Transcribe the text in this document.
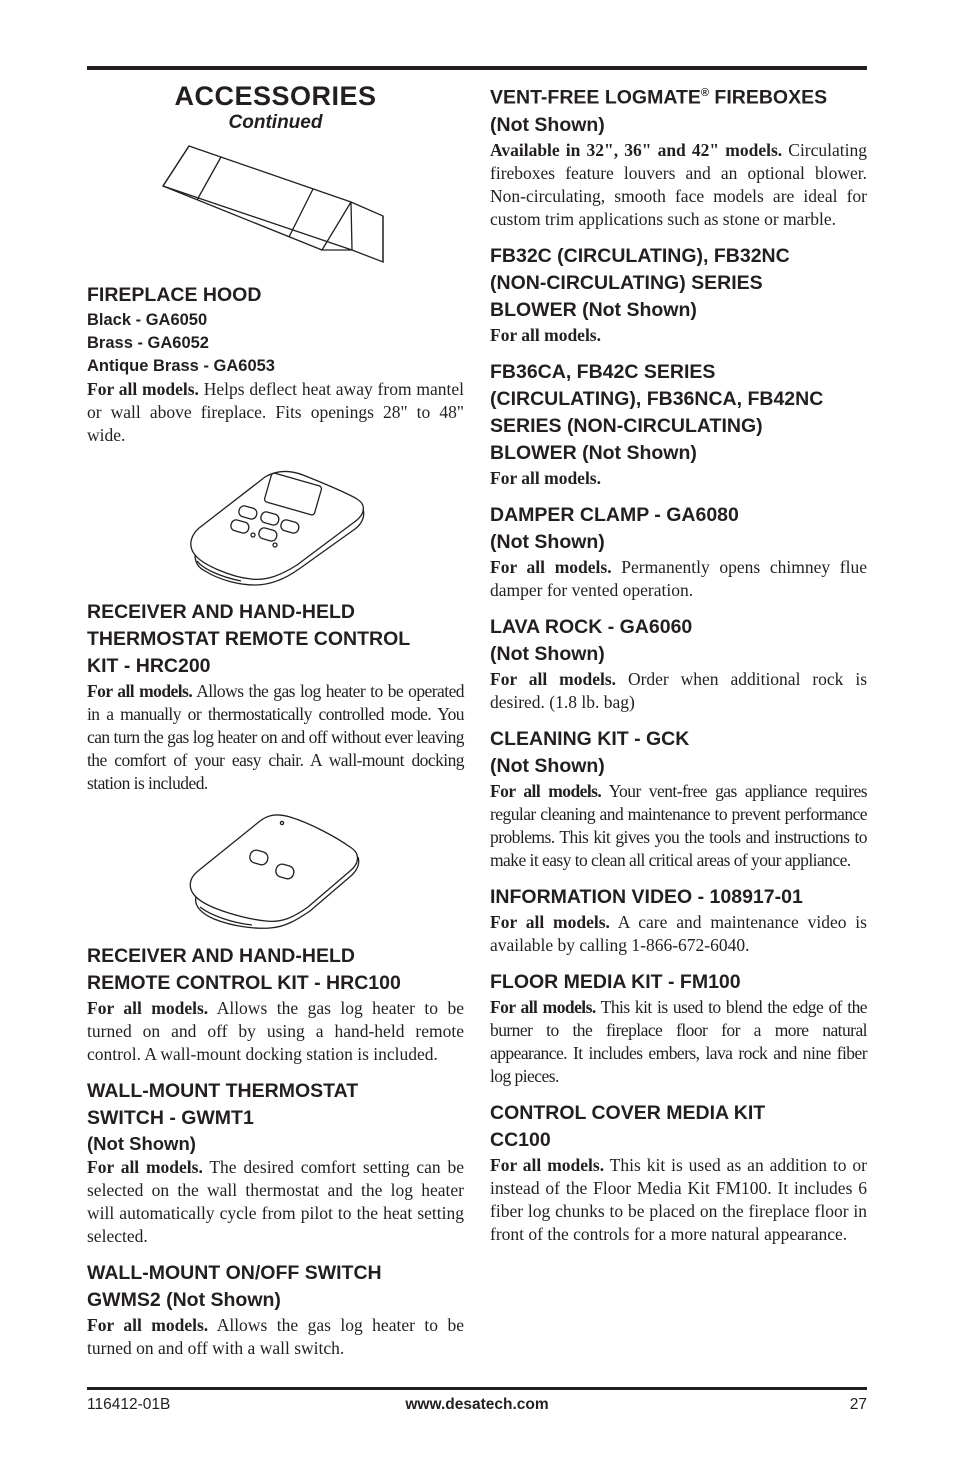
ACCESSORIES

Continued

FIREPLACE HOOD

Black - GA6050

Brass - GA6052

Antique Brass - GA6053

For all models. Helps deflect heat away from mantel or wall above fireplace. Fits openings 28" to 48" wide.

RECEIVER AND HAND-HELD
THERMOSTAT REMOTE CONTROL
KIT - HRC200

For all models. Allows the gas log heater to be operated in a manually or thermostatically controlled mode. You can turn the gas log heater on and off without ever leaving the comfort of your easy chair. A wall-mount docking station is included.

RECEIVER AND HAND-HELD
REMOTE CONTROL KIT - HRC100

For all models. Allows the gas log heater to be turned on and off by using a hand-held remote control. A wall-mount docking station is included.

WALL-MOUNT THERMOSTAT
SWITCH - GWMT1

(Not Shown)

For all models. The desired comfort setting can be selected on the wall thermostat and the log heater will automatically cycle from pilot to the heat setting selected.

WALL-MOUNT ON/OFF SWITCH
GWMS2 (Not Shown)

For all models. Allows the gas log heater to be turned on and off with a wall switch.

VENT-FREE LOGMATE® FIREBOXES
(Not Shown)

Available in 32", 36" and 42" models. Circulating fireboxes feature louvers and an optional blower. Non-circulating, smooth face models are ideal for custom trim applications such as stone or marble.

FB32C (CIRCULATING), FB32NC
(NON-CIRCULATING) SERIES
BLOWER (Not Shown)

For all models.

FB36CA, FB42C SERIES
(CIRCULATING), FB36NCA, FB42NC
SERIES (NON-CIRCULATING)
BLOWER (Not Shown)

For all models.

DAMPER CLAMP - GA6080
(Not Shown)

For all models. Permanently opens chimney flue damper for vented operation.

LAVA ROCK - GA6060
(Not Shown)

For all models. Order when additional rock is desired. (1.8 lb. bag)

CLEANING KIT - GCK
(Not Shown)

For all models. Your vent-free gas appliance requires regular cleaning and maintenance to prevent performance problems. This kit gives you the tools and instructions to make it easy to clean all critical areas of your appliance.

INFORMATION VIDEO - 108917-01

For all models. A care and maintenance video is available by calling 1-866-672-6040.

FLOOR MEDIA KIT - FM100

For all models. This kit is used to blend the edge of the burner to the fireplace floor for a more natural appearance. It includes embers, lava rock and nine fiber log pieces.

CONTROL COVER MEDIA KIT
CC100

For all models. This kit is used as an addition to or instead of the Floor Media Kit FM100. It includes 6 fiber log chunks to be placed on the fireplace floor in front of the controls for a more natural appearance.

116412-01B	www.desatech.com	27
